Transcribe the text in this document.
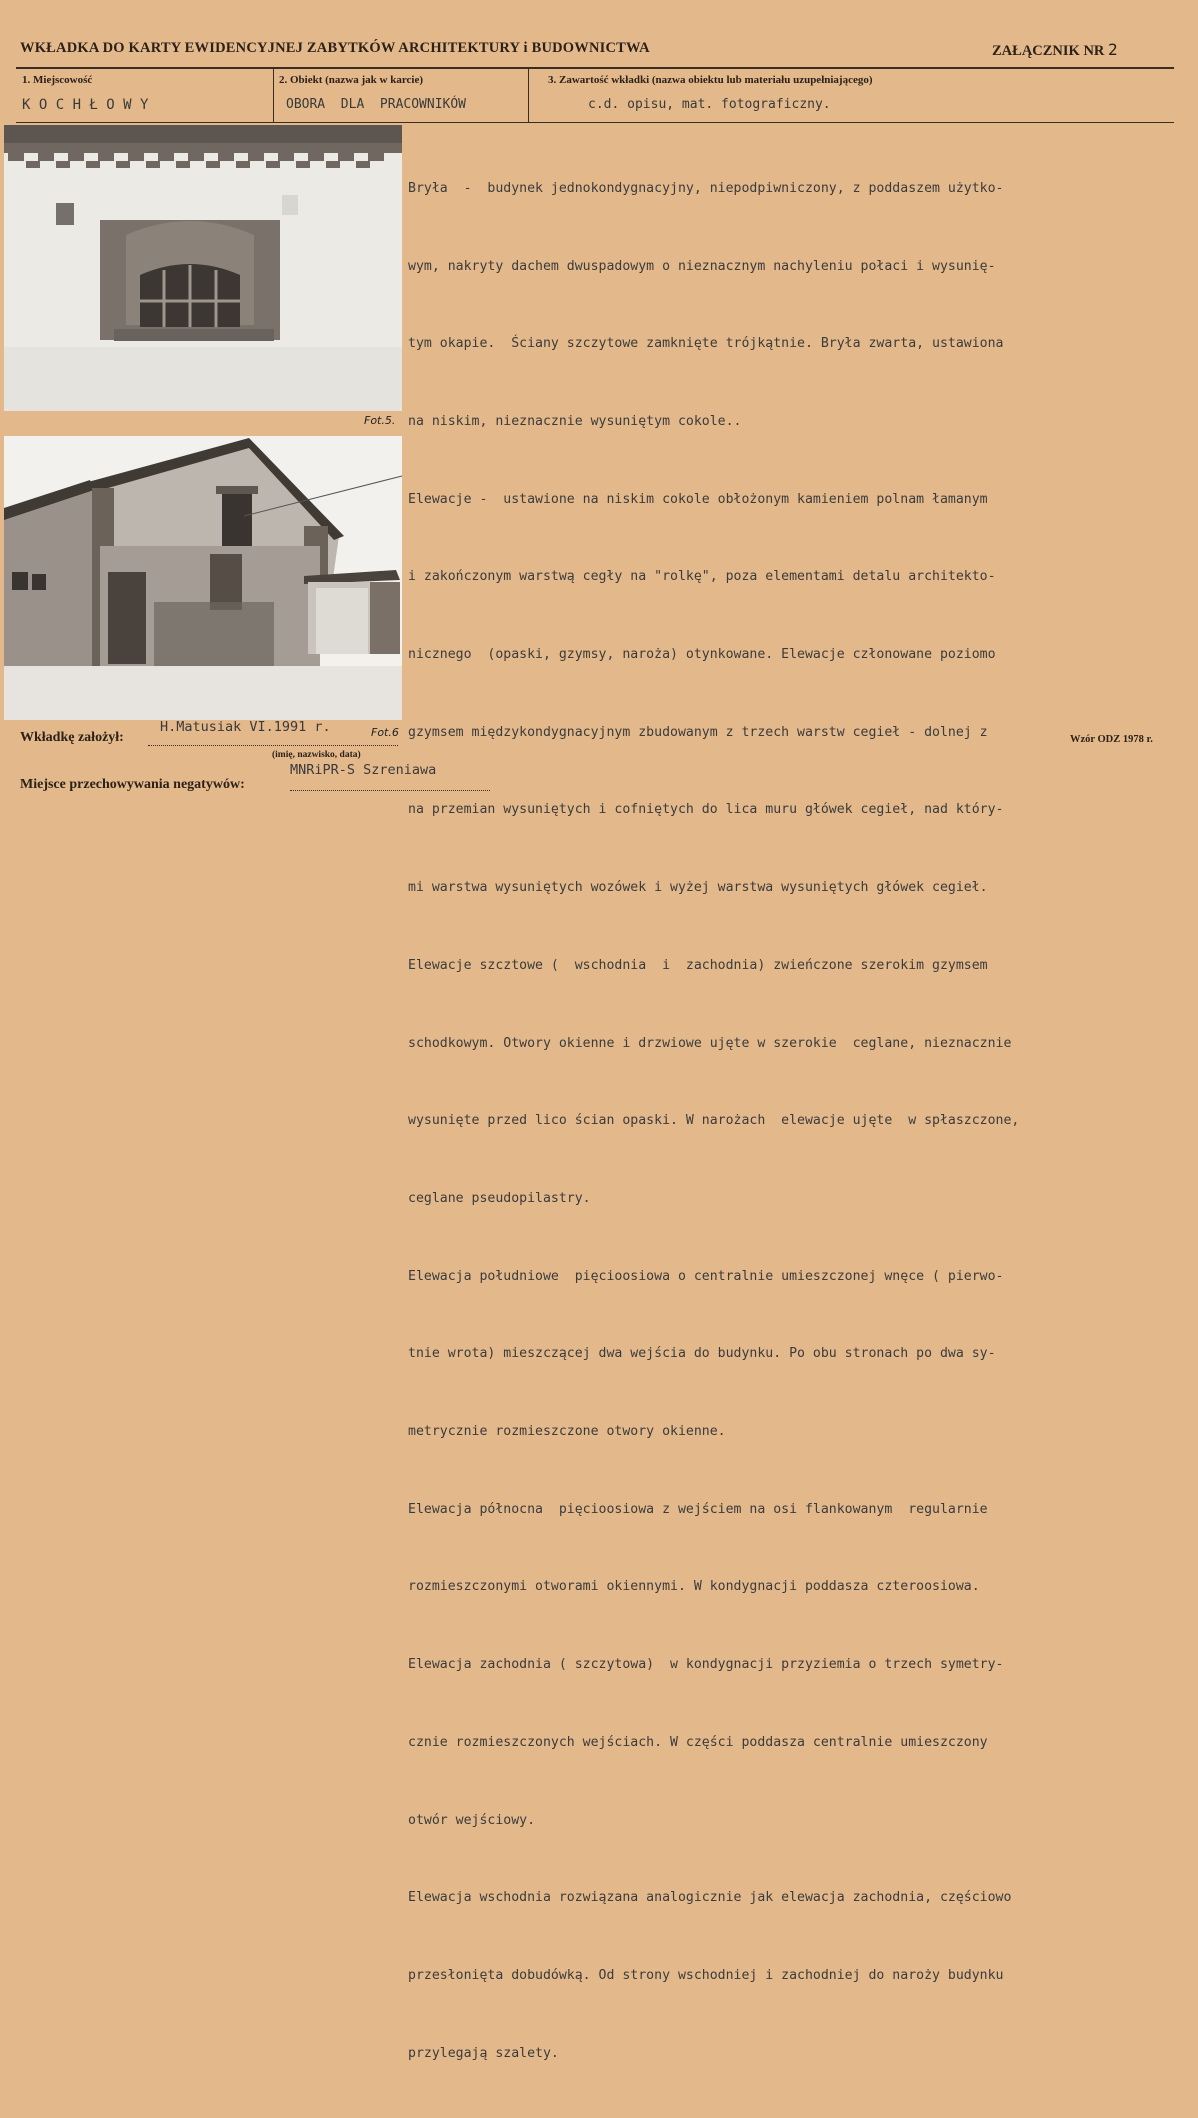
WKŁADKA DO KARTY EWIDENCYJNEJ ZABYTKÓW ARCHITEKTURY i BUDOWNICTWA	ZAŁĄCZNIK NR 2
1. Miejscowość
K O C H Ł O W Y
2. Obiekt (nazwa jak w karcie)
OBORA  DLA  PRACOWNIKÓW
3. Zawartość wkładki (nazwa obiektu lub materiału uzupełniającego)
c.d. opisu, mat. fotograficzny.
Fot.5.
Fot.6

Bryła  -  budynek jednokondygnacyjny, niepodpiwniczony, z poddaszem użytko-

wym, nakryty dachem dwuspadowym o nieznacznym nachyleniu połaci i wysunię-

tym okapie.  Ściany szczytowe zamknięte trójkątnie. Bryła zwarta, ustawiona

na niskim, nieznacznie wysuniętym cokole..

Elewacje -  ustawione na niskim cokole obłożonym kamieniem polnam łamanym

i zakończonym warstwą cegły na "rolkę", poza elementami detalu architekto-

nicznego  (opaski, gzymsy, naroża) otynkowane. Elewacje członowane poziomo

gzymsem międzykondygnacyjnym zbudowanym z trzech warstw cegieł - dolnej z

na przemian wysuniętych i cofniętych do lica muru główek cegieł, nad który-

mi warstwa wysuniętych wozówek i wyżej warstwa wysuniętych główek cegieł.

Elewacje szcztowe (  wschodnia  i  zachodnia) zwieńczone szerokim gzymsem

schodkowym. Otwory okienne i drzwiowe ujęte w szerokie  ceglane, nieznacznie

wysunięte przed lico ścian opaski. W narożach  elewacje ujęte  w spłaszczone,

ceglane pseudopilastry.

Elewacja południowe  pięcioosiowa o centralnie umieszczonej wnęce ( pierwo-

tnie wrota) mieszczącej dwa wejścia do budynku. Po obu stronach po dwa sy-

metrycznie rozmieszczone otwory okienne.

Elewacja północna  pięcioosiowa z wejściem na osi flankowanym  regularnie

rozmieszczonymi otworami okiennymi. W kondygnacji poddasza czteroosiowa.

Elewacja zachodnia ( szczytowa)  w kondygnacji przyziemia o trzech symetry-

cznie rozmieszczonych wejściach. W części poddasza centralnie umieszczony

otwór wejściowy.

Elewacja wschodnia rozwiązana analogicznie jak elewacja zachodnia, częściowo

przesłonięta dobudówką. Od strony wschodniej i zachodniej do naroży budynku

przylegają szalety.

Wkładkę założył:
H.Matusiak VI.1991 r.
(imię, nazwisko, data)
Miejsce przechowywania negatywów:
MNRiPR-S Szreniawa
Wzór ODZ 1978 r.
